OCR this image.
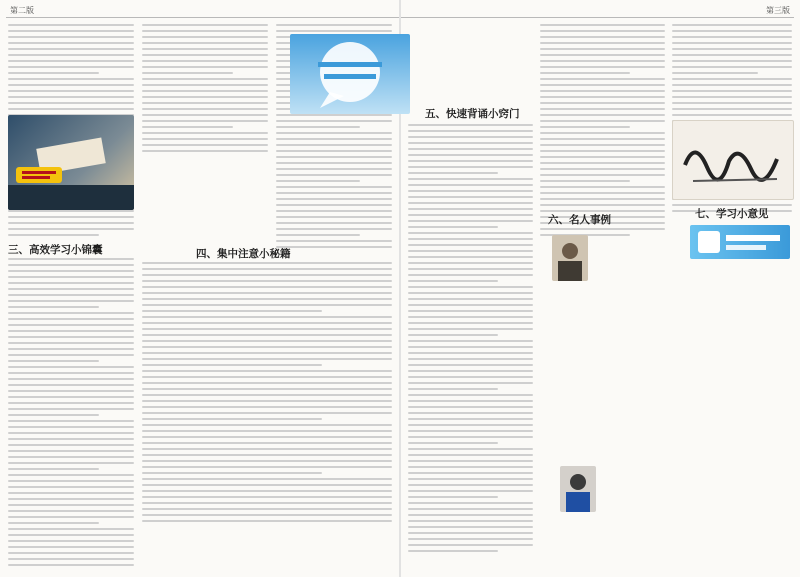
第二版	第三版
三、高效学习小锦囊	四、集中注意小秘籍
五、快速背诵小窍门
六、名人事例	七、学习小意见
